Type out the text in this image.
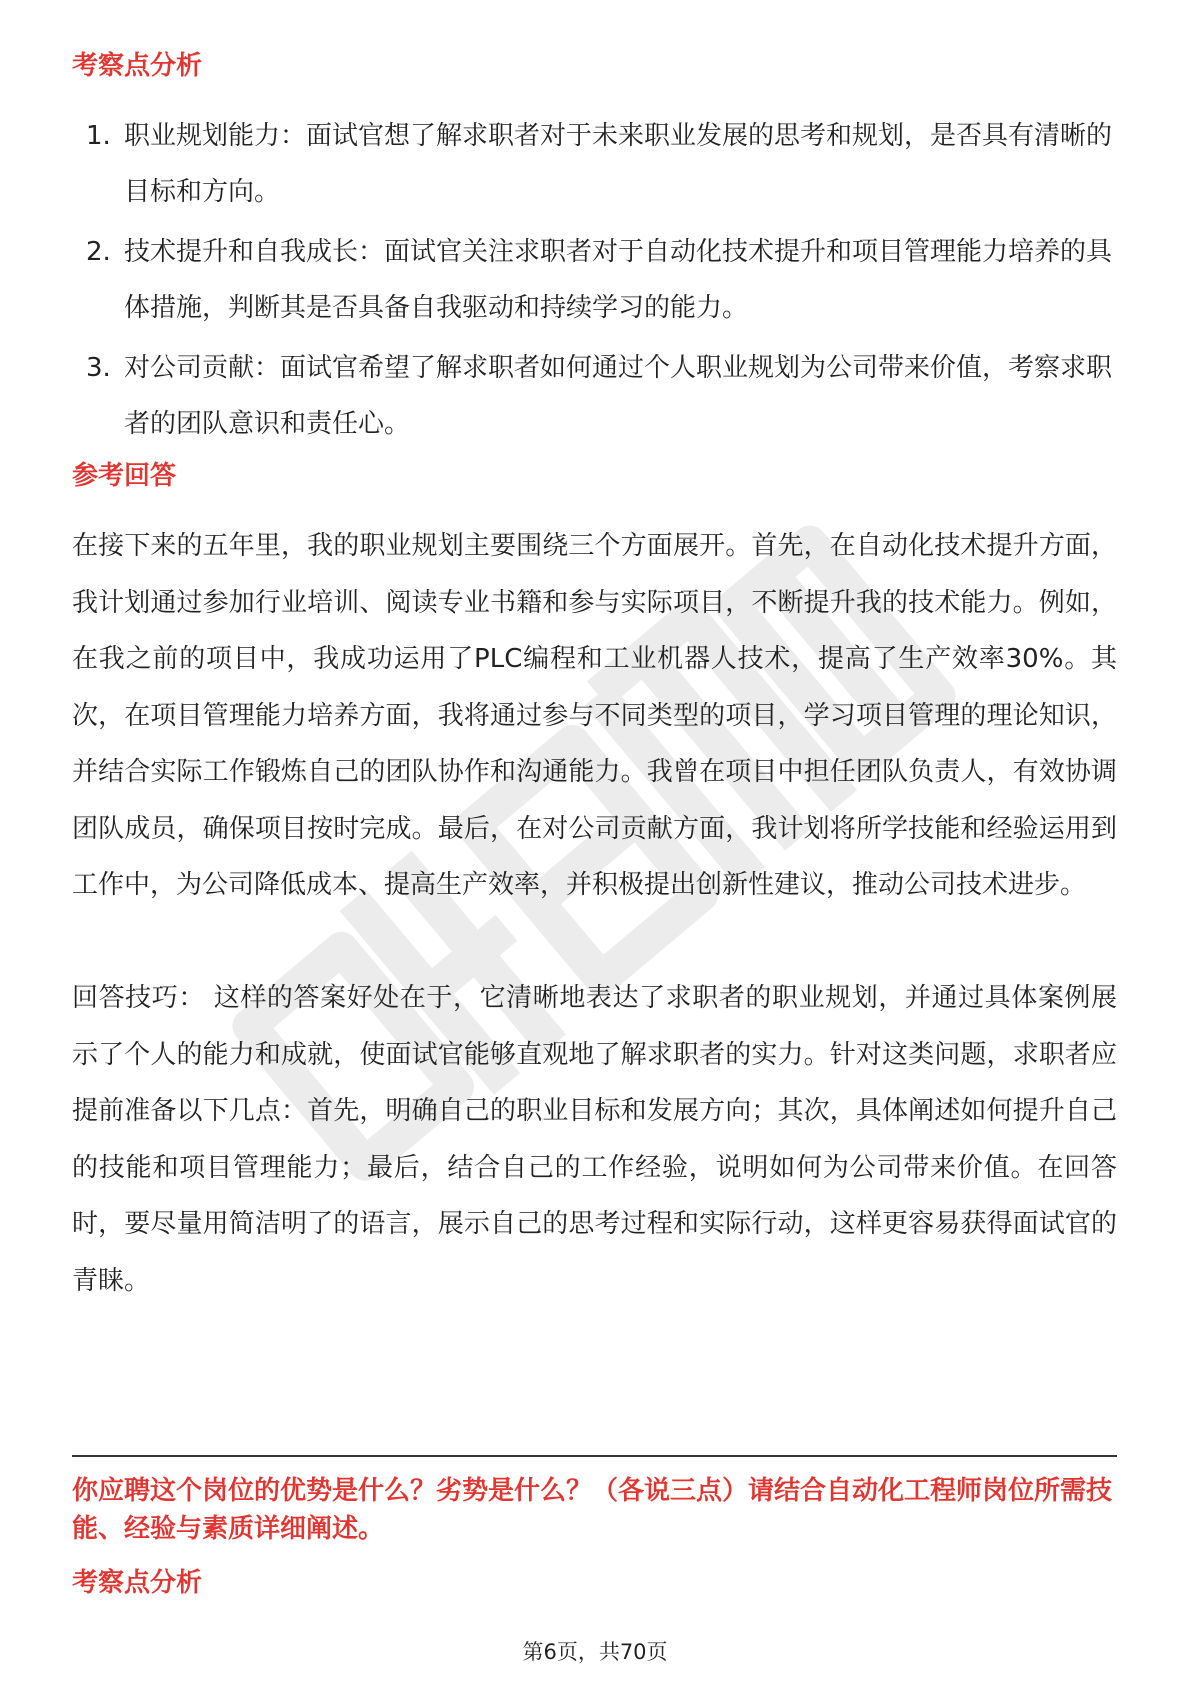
考察点分析
1. 职业规划能力：面试官想了解求职者对于未来职业发展的思考和规划，是否具有清晰的目标和方向。
2. 技术提升和自我成长：面试官关注求职者对于自动化技术提升和项目管理能力培养的具体措施，判断其是否具备自我驱动和持续学习的能力。
3. 对公司贡献：面试官希望了解求职者如何通过个人职业规划为公司带来价值，考察求职者的团队意识和责任心。
参考回答

在接下来的五年里，我的职业规划主要围绕三个方面展开。首先，在自动化技术提升方面，我计划通过参加行业培训、阅读专业书籍和参与实际项目，不断提升我的技术能力。例如，在我之前的项目中，我成功运用了PLC编程和工业机器人技术，提高了生产效率30%。其次，在项目管理能力培养方面，我将通过参与不同类型的项目，学习项目管理的理论知识，并结合实际工作锻炼自己的团队协作和沟通能力。我曾在项目中担任团队负责人，有效协调团队成员，确保项目按时完成。最后，在对公司贡献方面，我计划将所学技能和经验运用到工作中，为公司降低成本、提高生产效率，并积极提出创新性建议，推动公司技术进步。

回答技巧： 这样的答案好处在于，它清晰地表达了求职者的职业规划，并通过具体案例展示了个人的能力和成就，使面试官能够直观地了解求职者的实力。针对这类问题，求职者应提前准备以下几点：首先，明确自己的职业目标和发展方向；其次，具体阐述如何提升自己的技能和项目管理能力；最后，结合自己的工作经验，说明如何为公司带来价值。在回答时，要尽量用简洁明了的语言，展示自己的思考过程和实际行动，这样更容易获得面试官的青睐。

你应聘这个岗位的优势是什么？劣势是什么？（各说三点）请结合自动化工程师岗位所需技能、经验与素质详细阐述。
考察点分析
第6页，共70页
